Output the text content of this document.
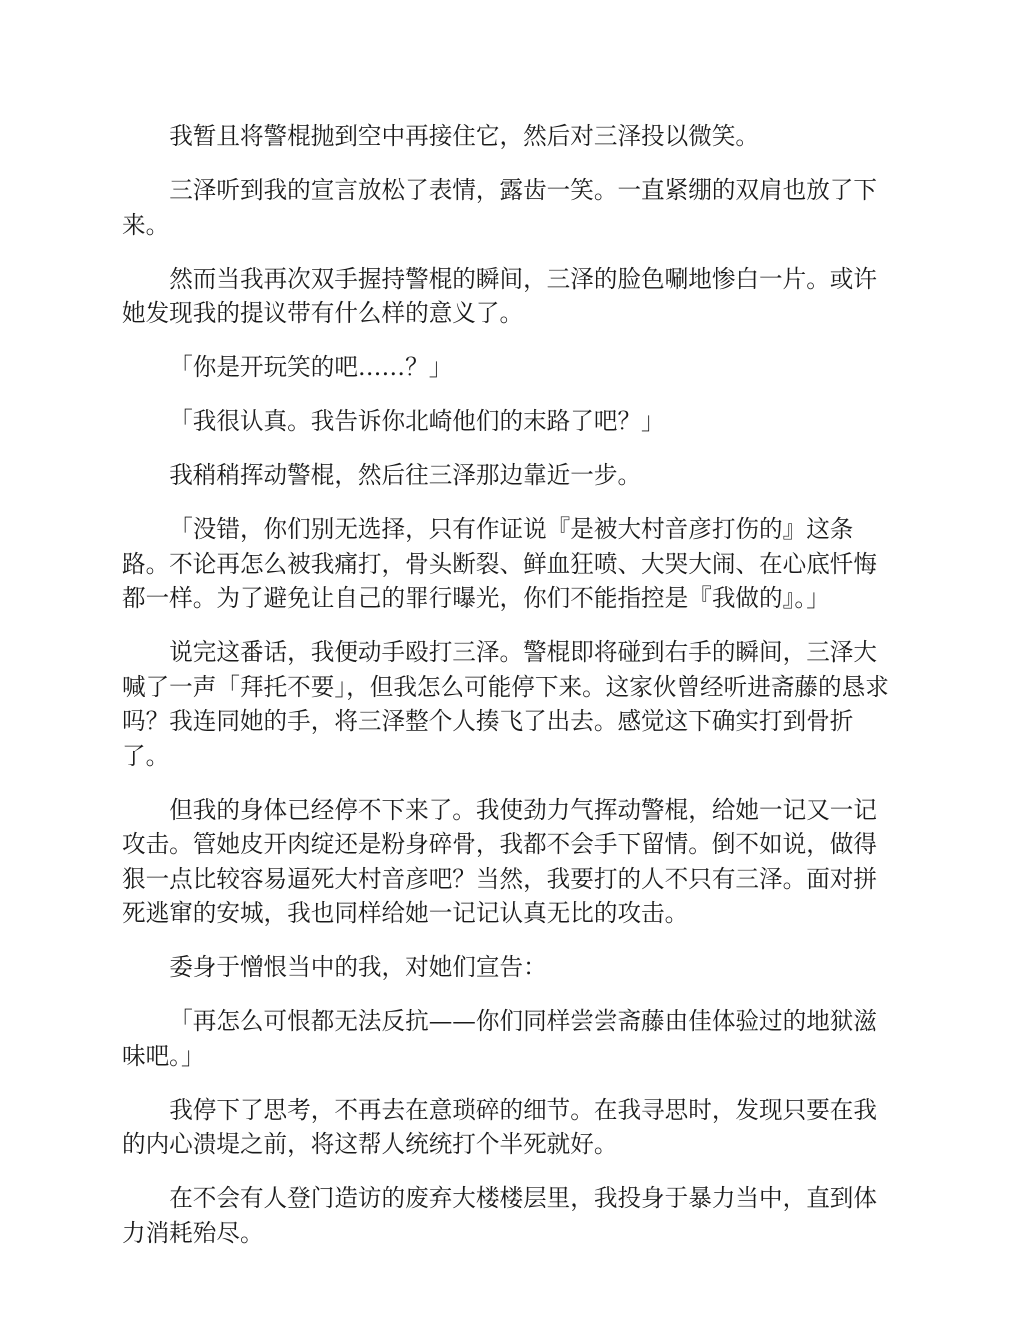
我暂且将警棍抛到空中再接住它，然后对三泽投以微笑。

三泽听到我的宣言放松了表情，露齿一笑。一直紧绷的双肩也放了下来。

然而当我再次双手握持警棍的瞬间，三泽的脸色唰地惨白一片。或许她发现我的提议带有什么样的意义了。

「你是开玩笑的吧……？」

「我很认真。我告诉你北崎他们的末路了吧？」

我稍稍挥动警棍，然后往三泽那边靠近一步。

「没错，你们别无选择，只有作证说『是被大村音彦打伤的』这条路。不论再怎么被我痛打，骨头断裂、鲜血狂喷、大哭大闹、在心底忏悔都一样。为了避免让自己的罪行曝光，你们不能指控是『我做的』。」

说完这番话，我便动手殴打三泽。警棍即将碰到右手的瞬间，三泽大喊了一声「拜托不要」，但我怎么可能停下来。这家伙曾经听进斋藤的恳求吗？我连同她的手，将三泽整个人揍飞了出去。感觉这下确实打到骨折了。

但我的身体已经停不下来了。我使劲力气挥动警棍，给她一记又一记攻击。管她皮开肉绽还是粉身碎骨，我都不会手下留情。倒不如说，做得狠一点比较容易逼死大村音彦吧？当然，我要打的人不只有三泽。面对拼死逃窜的安城，我也同样给她一记记认真无比的攻击。

委身于憎恨当中的我，对她们宣告：

「再怎么可恨都无法反抗——你们同样尝尝斋藤由佳体验过的地狱滋味吧。」

我停下了思考，不再去在意琐碎的细节。在我寻思时，发现只要在我的内心溃堤之前，将这帮人统统打个半死就好。

在不会有人登门造访的废弃大楼楼层里，我投身于暴力当中，直到体力消耗殆尽。
